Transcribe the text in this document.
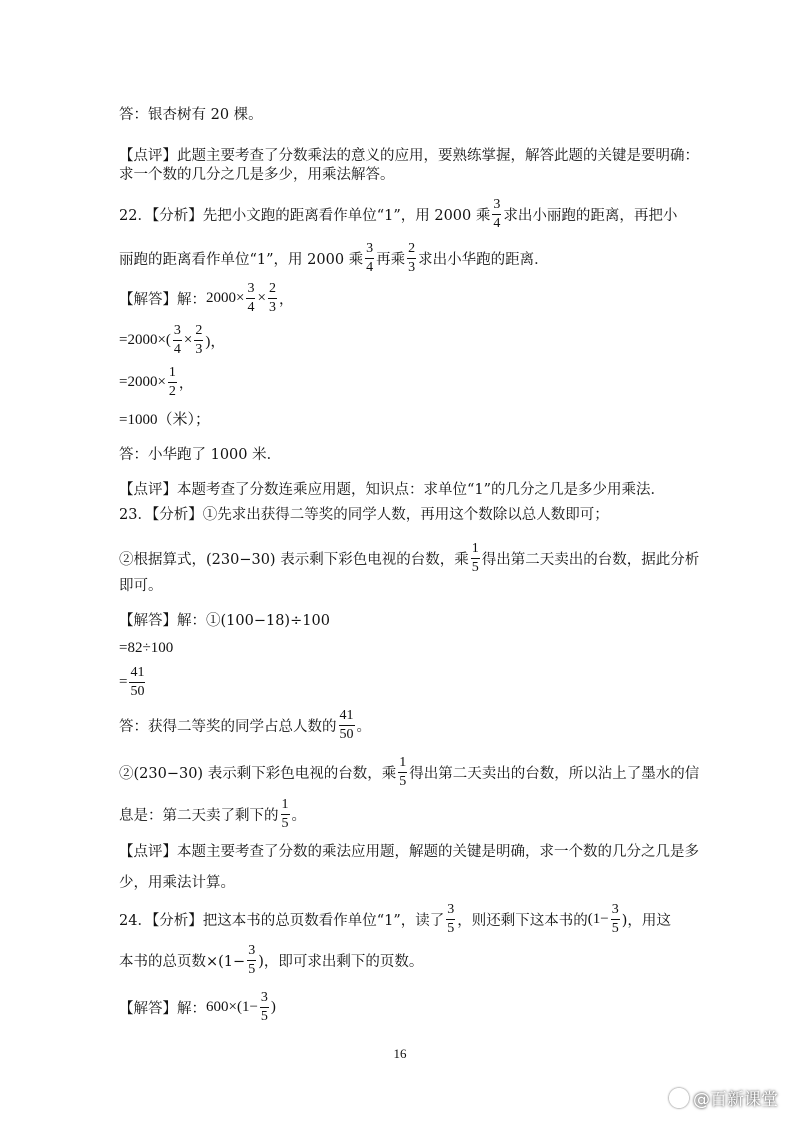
答：银杏树有 20 棵。
【点评】此题主要考查了分数乘法的意义的应用，要熟练掌握，解答此题的关键是要明确：
求一个数的几分之几是多少，用乘法解答。
22．【分析】先把小文跑的距离看作单位“1”，用 2000 乘 $\frac{3}{4}$ 求出小丽跑的距离，再把小
丽跑的距离看作单位“1”，用 2000 乘 $\frac{3}{4}$ 再乘 $\frac{2}{3}$ 求出小华跑的距离．
【解答】解： $2000\times \frac{3}{4} \times \frac{2}{3}$ ，
$=2000\times( \frac{3}{4} \times \frac{2}{3}$ )，
$=2000\times \frac{1}{2}$ ，
=1000（米）；
答：小华跑了 1000 米．
【点评】本题考查了分数连乘应用题，知识点：求单位“1”的几分之几是多少用乘法．
23．【分析】①先求出获得二等奖的同学人数，再用这个数除以总人数即可；
②根据算式，(230−30) 表示剩下彩色电视的台数，乘 $\frac{1}{5}$ 得出第二天卖出的台数，据此分析
即可。
【解答】解：①(100−18)÷100
=82÷100
= $\frac{41}{50}$
答：获得二等奖的同学占总人数的 $\frac{41}{50}$ 。
②(230−30) 表示剩下彩色电视的台数，乘 $\frac{1}{5}$ 得出第二天卖出的台数，所以沾上了墨水的信
息是：第二天卖了剩下的 $\frac{1}{5}$ 。
【点评】本题主要考查了分数的乘法应用题，解题的关键是明确，求一个数的几分之几是多
少，用乘法计算。
24．【分析】把这本书的总页数看作单位“1”，读了 $\frac{3}{5}$ ，则还剩下这本书的 ($1- \frac{3}{5}$ )，用这
本书的总页数$\times(1- \frac{3}{5}$ )，即可求出剩下的页数。
【解答】解： $600\times(1- \frac{3}{5}$ )
16
@百新课堂
